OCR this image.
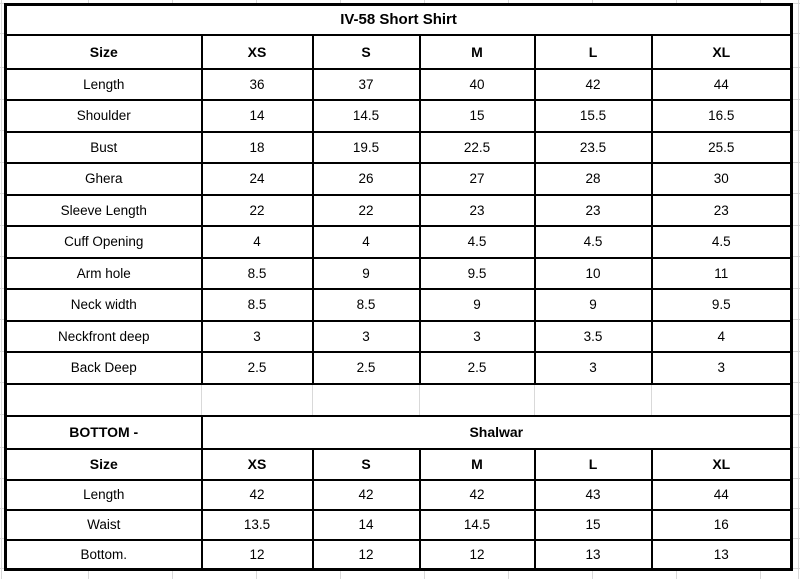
IV-58 Short Shirt					
Size	XS	S	M	L	XL
Length	36	37	40	42	44
Shoulder	14	14.5	15	15.5	16.5
Bust	18	19.5	22.5	23.5	25.5
Ghera	24	26	27	28	30
Sleeve Length	22	22	23	23	23
Cuff Opening	4	4	4.5	4.5	4.5
Arm hole	8.5	9	9.5	10	11
Neck width	8.5	8.5	9	9	9.5
Neckfront deep	3	3	3	3.5	4
Back Deep	2.5	2.5	2.5	3	3

BOTTOM -	Shalwar				
Size	XS	S	M	L	XL
Length	42	42	42	43	44
Waist	13.5	14	14.5	15	16
Bottom.	12	12	12	13	13
